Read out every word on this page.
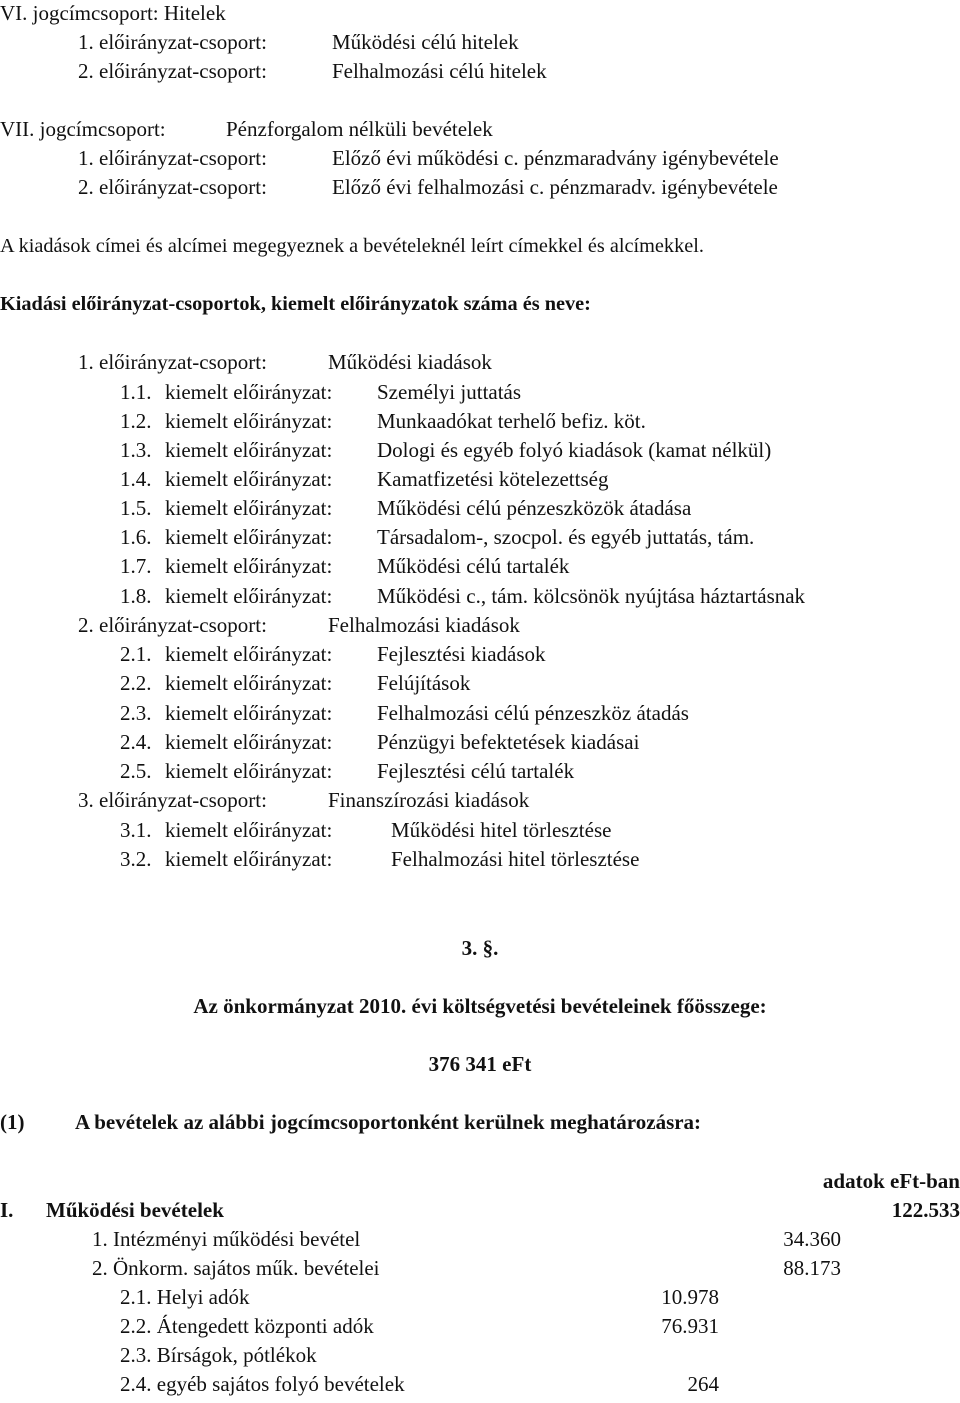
VI. jogcímcsoport: Hitelek
1. előirányzat-csoport:	Működési célú hitelek
2. előirányzat-csoport:	Felhalmozási célú hitelek
VII. jogcímcsoport:	Pénzforgalom nélküli bevételek
1. előirányzat-csoport:	Előző évi működési c. pénzmaradvány igénybevétele
2. előirányzat-csoport:	Előző évi felhalmozási c. pénzmaradv. igénybevétele
A kiadások címei és alcímei megegyeznek a bevételeknél leírt címekkel és alcímekkel.
Kiadási előirányzat-csoportok, kiemelt előirányzatok száma és neve:
1. előirányzat-csoport:	Működési kiadások
1.1. kiemelt előirányzat: Személyi juttatás
1.2. kiemelt előirányzat: Munkaadókat terhelő befiz. köt.
1.3. kiemelt előirányzat: Dologi és egyéb folyó kiadások (kamat nélkül)
1.4. kiemelt előirányzat: Kamatfizetési kötelezettség
1.5. kiemelt előirányzat: Működési célú pénzeszközök átadása
1.6. kiemelt előirányzat: Társadalom-, szocpol. és egyéb juttatás, tám.
1.7. kiemelt előirányzat: Működési célú tartalék
1.8. kiemelt előirányzat: Működési c., tám. kölcsönök nyújtása háztartásnak
2. előirányzat-csoport:	Felhalmozási kiadások
2.1. kiemelt előirányzat: Fejlesztési kiadások
2.2. kiemelt előirányzat: Felújítások
2.3. kiemelt előirányzat: Felhalmozási célú pénzeszköz átadás
2.4. kiemelt előirányzat: Pénzügyi befektetések kiadásai
2.5. kiemelt előirányzat: Fejlesztési célú tartalék
3. előirányzat-csoport:	Finanszírozási kiadások
3.1. kiemelt előirányzat:	Működési hitel törlesztése
3.2. kiemelt előirányzat:	Felhalmozási hitel törlesztése
3. §.
Az önkormányzat 2010. évi költségvetési bevételeinek főösszege:
376 341 eFt
(1) A bevételek az alábbi jogcímcsoportonként kerülnek meghatározásra:
adatok eFt-ban
I. Működési bevételek	122.533
1. Intézményi működési bevétel	34.360
2. Önkorm. sajátos műk. bevételei	88.173
2.1. Helyi adók	10.978
2.2. Átengedett központi adók	76.931
2.3. Bírságok, pótlékok
2.4. egyéb sajátos folyó bevételek	264
